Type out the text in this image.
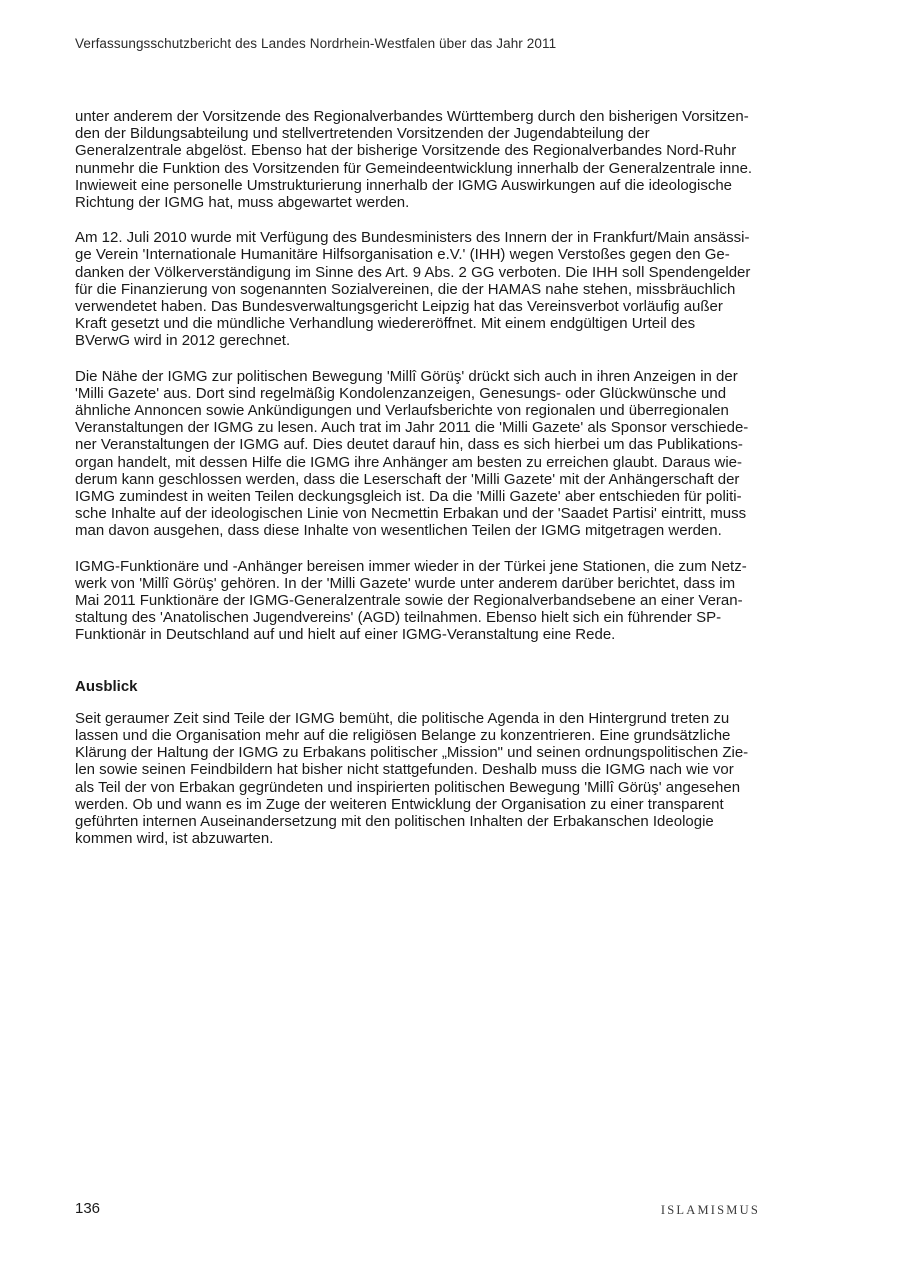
Verfassungsschutzbericht des Landes Nordrhein-Westfalen über das Jahr 2011

unter anderem der Vorsitzende des Regionalverbandes Württemberg durch den bisherigen Vorsitzenden der Bildungsabteilung und stellvertretenden Vorsitzenden der Jugendabteilung der Generalzentrale abgelöst. Ebenso hat der bisherige Vorsitzende des Regionalverbandes Nord-Ruhr nunmehr die Funktion des Vorsitzenden für Gemeindeentwicklung innerhalb der Generalzentrale inne. Inwieweit eine personelle Umstrukturierung innerhalb der IGMG Auswirkungen auf die ideologische Richtung der IGMG hat, muss abgewartet werden.

Am 12. Juli 2010 wurde mit Verfügung des Bundesministers des Innern der in Frankfurt/Main ansässige Verein 'Internationale Humanitäre Hilfsorganisation e.V.' (IHH) wegen Verstoßes gegen den Gedanken der Völkerverständigung im Sinne des Art. 9 Abs. 2 GG verboten. Die IHH soll Spendengelder für die Finanzierung von sogenannten Sozialvereinen, die der HAMAS nahe stehen, missbräuchlich verwendetet haben. Das Bundesverwaltungsgericht Leipzig hat das Vereinsverbot vorläufig außer Kraft gesetzt und die mündliche Verhandlung wiedereröffnet. Mit einem endgültigen Urteil des BVerwG wird in 2012 gerechnet.

Die Nähe der IGMG zur politischen Bewegung 'Millî Görüş' drückt sich auch in ihren Anzeigen in der 'Milli Gazete' aus. Dort sind regelmäßig Kondolenzanzeigen, Genesungs- oder Glückwünsche und ähnliche Annoncen sowie Ankündigungen und Verlaufsberichte von regionalen und überregionalen Veranstaltungen der IGMG zu lesen. Auch trat im Jahr 2011 die 'Milli Gazete' als Sponsor verschiedener Veranstaltungen der IGMG auf. Dies deutet darauf hin, dass es sich hierbei um das Publikationsorgan handelt, mit dessen Hilfe die IGMG ihre Anhänger am besten zu erreichen glaubt. Daraus wiederum kann geschlossen werden, dass die Leserschaft der 'Milli Gazete' mit der Anhängerschaft der IGMG zumindest in weiten Teilen deckungsgleich ist. Da die 'Milli Gazete' aber entschieden für politische Inhalte auf der ideologischen Linie von Necmettin Erbakan und der 'Saadet Partisi' eintritt, muss man davon ausgehen, dass diese Inhalte von wesentlichen Teilen der IGMG mitgetragen werden.

IGMG-Funktionäre und -Anhänger bereisen immer wieder in der Türkei jene Stationen, die zum Netzwerk von 'Millî Görüş' gehören. In der 'Milli Gazete' wurde unter anderem darüber berichtet, dass im Mai 2011 Funktionäre der IGMG-Generalzentrale sowie der Regionalverbandsebene an einer Veranstaltung des 'Anatolischen Jugendvereins' (AGD) teilnahmen. Ebenso hielt sich ein führender SP-Funktionär in Deutschland auf und hielt auf einer IGMG-Veranstaltung eine Rede.

Ausblick

Seit geraumer Zeit sind Teile der IGMG bemüht, die politische Agenda in den Hintergrund treten zu lassen und die Organisation mehr auf die religiösen Belange zu konzentrieren. Eine grundsätzliche Klärung der Haltung der IGMG zu Erbakans politischer „Mission" und seinen ordnungspolitischen Zielen sowie seinen Feindbildern hat bisher nicht stattgefunden. Deshalb muss die IGMG nach wie vor als Teil der von Erbakan gegründeten und inspirierten politischen Bewegung 'Millî Görüş' angesehen werden. Ob und wann es im Zuge der weiteren Entwicklung der Organisation zu einer transparent geführten internen Auseinandersetzung mit den politischen Inhalten der Erbakanschen Ideologie kommen wird, ist abzuwarten.

136	ISLAMISMUS
